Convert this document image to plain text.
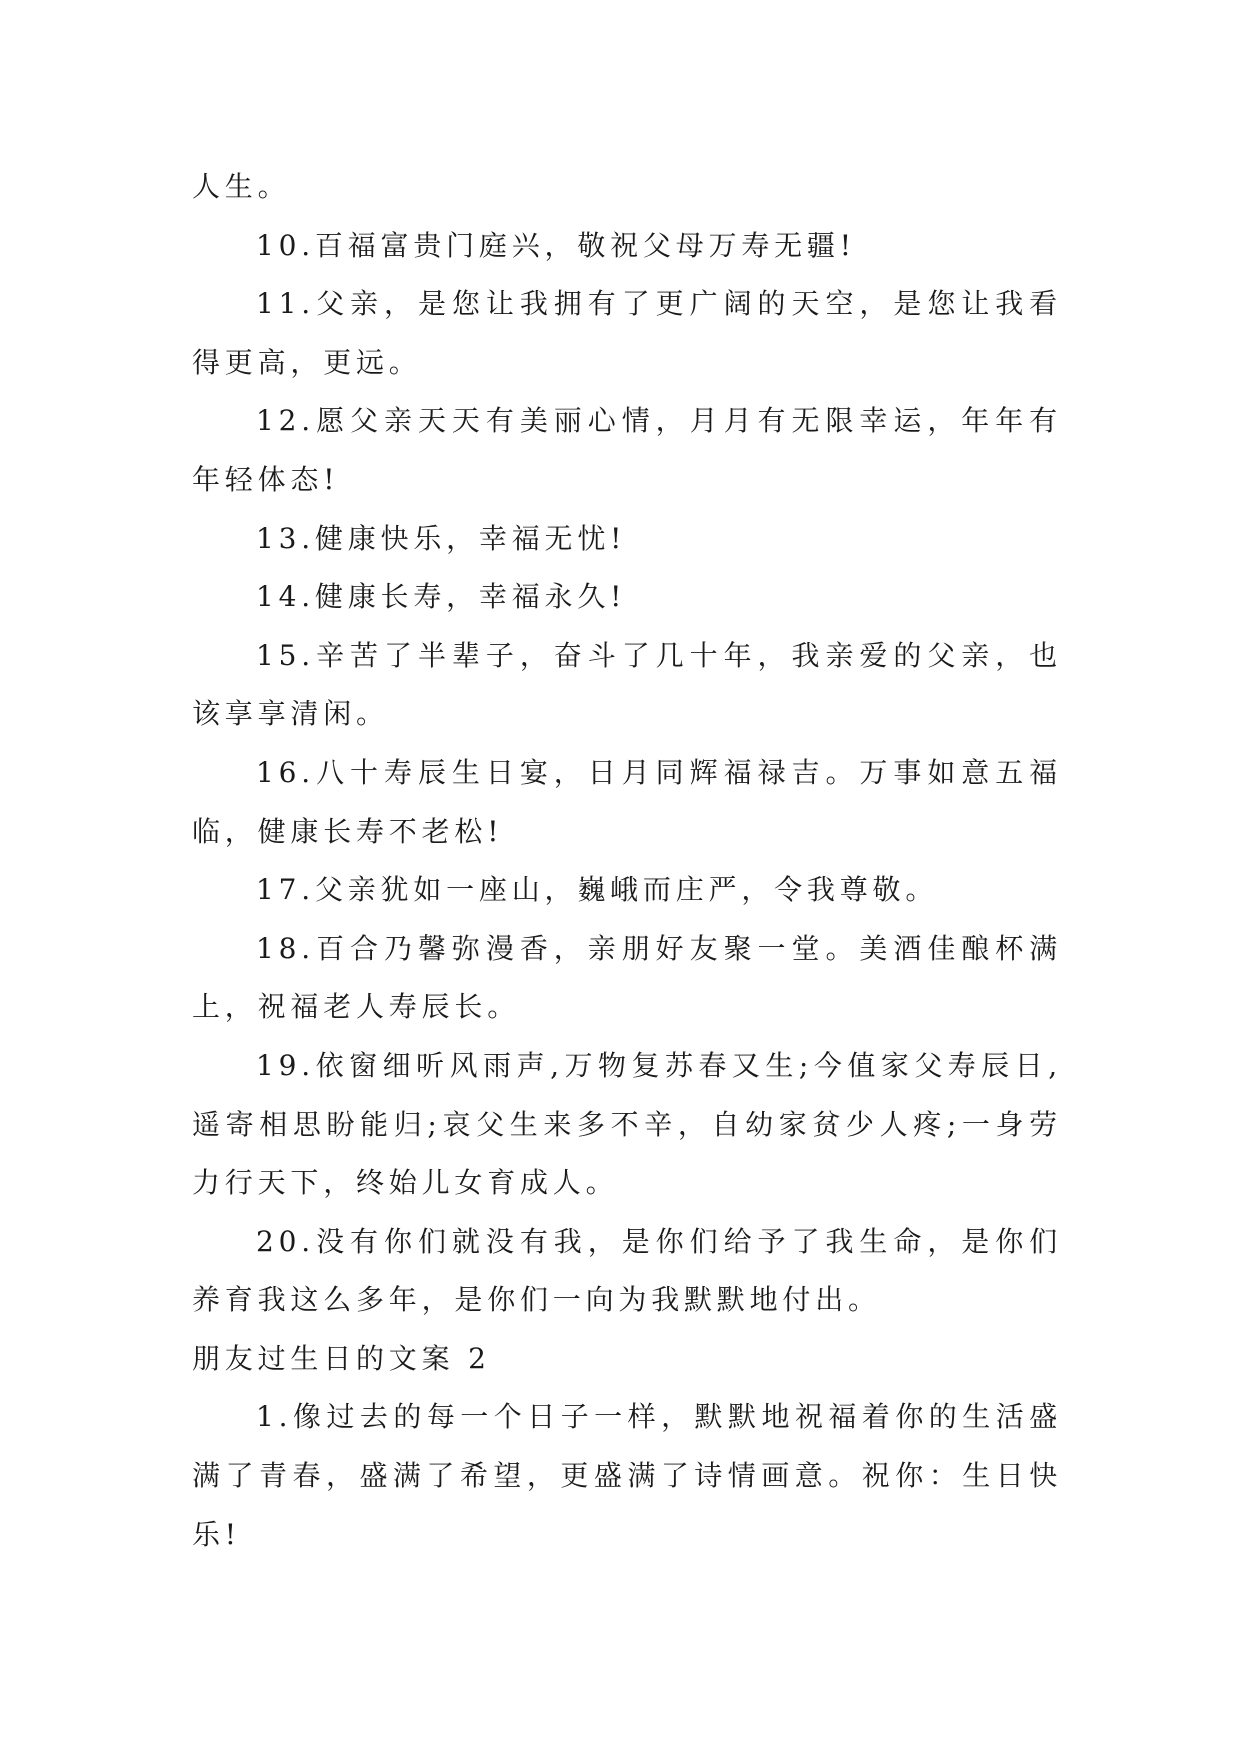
人生。

10.百福富贵门庭兴，敬祝父母万寿无疆!

11.父亲，是您让我拥有了更广阔的天空，是您让我看得更高，更远。

12.愿父亲天天有美丽心情，月月有无限幸运，年年有年轻体态!

13.健康快乐，幸福无忧!

14.健康长寿，幸福永久!

15.辛苦了半辈子，奋斗了几十年，我亲爱的父亲，也该享享清闲。

16.八十寿辰生日宴，日月同辉福禄吉。万事如意五福临，健康长寿不老松!

17.父亲犹如一座山，巍峨而庄严，令我尊敬。

18.百合乃馨弥漫香，亲朋好友聚一堂。美酒佳酿杯满上，祝福老人寿辰长。

19.依窗细听风雨声,万物复苏春又生;今值家父寿辰日,遥寄相思盼能归;哀父生来多不辛，自幼家贫少人疼;一身劳力行天下，终始儿女育成人。

20.没有你们就没有我，是你们给予了我生命，是你们养育我这么多年，是你们一向为我默默地付出。

朋友过生日的文案 2

1.像过去的每一个日子一样，默默地祝福着你的生活盛满了青春，盛满了希望，更盛满了诗情画意。祝你：生日快乐!
